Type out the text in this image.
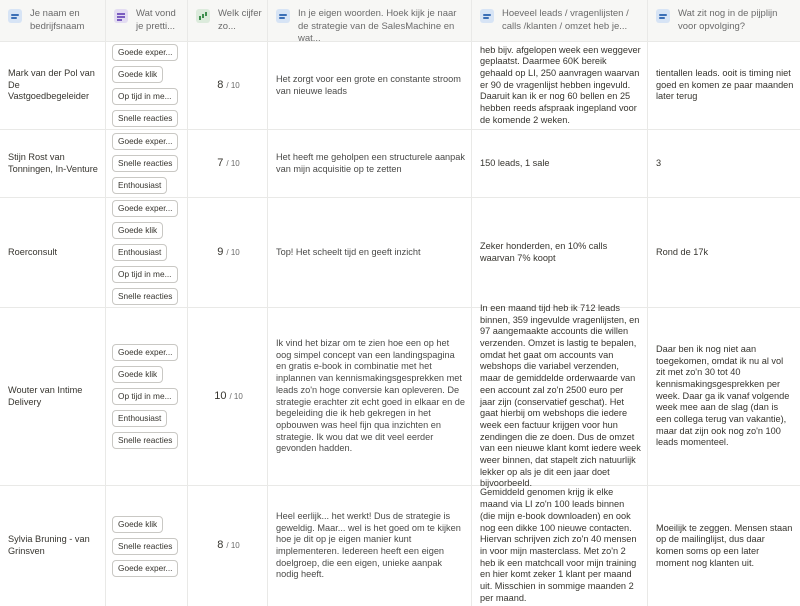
Je naam en bedrijfsnaam
Wat vond je pretti...
Welk cijfer zo...
In je eigen woorden. Hoek kijk je naar de strategie van de SalesMachine en wat...
Hoeveel leads / vragenlijsten / calls /klanten / omzet heb je...
Wat zit nog in de pijplijn voor opvolging?
Mark van der Pol van De Vastgoedbegeleider
Goede exper...
Goede klik
Op tijd in me...
Snelle reacties
8 / 10
Het zorgt voor een grote en constante stroom van nieuwe leads
heb bijv. afgelopen week een weggever geplaatst. Daarmee 60K bereik gehaald op LI, 250 aanvragen waarvan er 90 de vragenlijst hebben ingevuld. Daaruit kan ik er nog 60 bellen en 25 hebben reeds afspraak ingepland voor de komende 2 weken.
tientallen leads. ooit is timing niet goed en komen ze paar maanden later terug
Stijn Rost van Tonningen, In-Venture
Goede exper...
Snelle reacties
Enthousiast
7 / 10
Het heeft me geholpen een structurele aanpak van mijn acquisitie op te zetten
150 leads, 1 sale	3
Roerconsult
Goede exper...
Goede klik
Enthousiast
Op tijd in me...
Snelle reacties
9 / 10	Top! Het scheelt tijd en geeft inzicht
Zeker honderden, en 10% calls waarvan 7% koopt
Rond de 17k
Wouter van Intime Delivery
Goede exper...
Goede klik
Op tijd in me...
Enthousiast
Snelle reacties
10 / 10
Ik vind het bizar om te zien hoe een op het oog simpel concept van een landingspagina en gratis e-book in combinatie met het inplannen van kennismakingsgesprekken met leads zo'n hoge conversie kan opleveren. De strategie erachter zit echt goed in elkaar en de begeleiding die ik heb gekregen in het opbouwen was heel fijn qua inzichten en strategie. Ik wou dat we dit veel eerder gevonden hadden.
In een maand tijd heb ik 712 leads binnen, 359 ingevulde vragenlijsten, en 97 aangemaakte accounts die willen verzenden. Omzet is lastig te bepalen, omdat het gaat om accounts van webshops die variabel verzenden, maar de gemiddelde orderwaarde van een account zal zo'n 2500 euro per jaar zijn (conservatief geschat). Het gaat hierbij om webshops die iedere week een factuur krijgen voor hun zendingen die ze doen. Dus de omzet van een nieuwe klant komt iedere week weer binnen, dat stapelt zich natuurlijk lekker op als je dit een jaar doet bijvoorbeeld.
Daar ben ik nog niet aan toegekomen, omdat ik nu al vol zit met zo'n 30 tot 40 kennismakingsgesprekken per week. Daar ga ik vanaf volgende week mee aan de slag (dan is een collega terug van vakantie), maar dat zijn ook nog zo'n 100 leads momenteel.
Sylvia Bruning - van Grinsven
Goede klik
Snelle reacties
Goede exper...
8 / 10
Heel eerlijk... het werkt! Dus de strategie is geweldig. Maar... wel is het goed om te kijken hoe je dit op je eigen manier kunt implementeren. Iedereen heeft een eigen doelgroep, die een eigen, unieke aanpak nodig heeft.
Gemiddeld genomen krijg ik elke maand via LI zo'n 100 leads binnen (die mijn e-book downloaden) en ook nog een dikke 100 nieuwe contacten. Hiervan schrijven zich zo'n 40 mensen in voor mijn masterclass. Met zo'n 2 heb ik een matchcall voor mijn training en hier komt zeker 1 klant per maand uit. Misschien in sommige maanden 2 per maand.
Moeilijk te zeggen. Mensen staan op de mailinglijst, dus daar komen soms op een later moment nog klanten uit.
